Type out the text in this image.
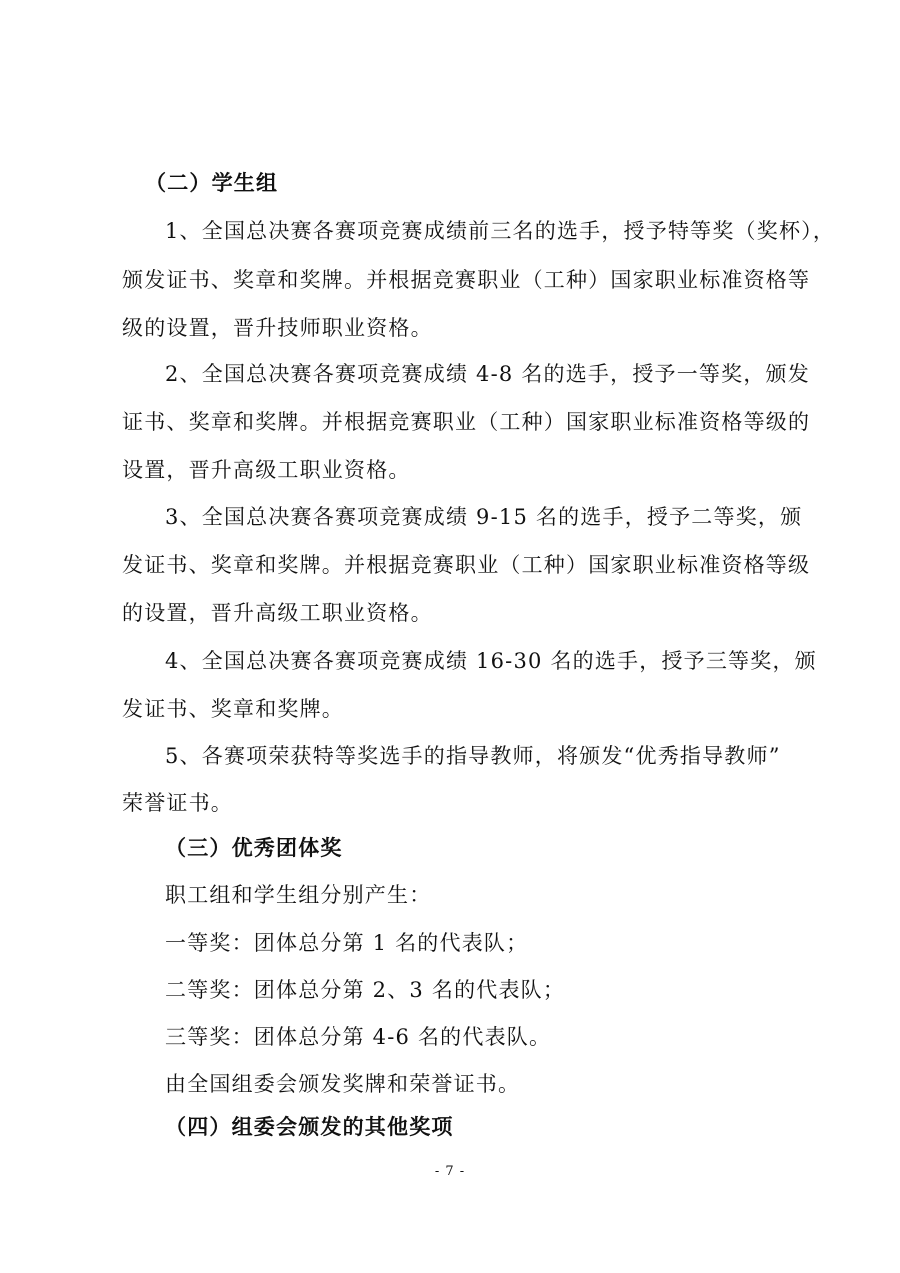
（二）学生组
1、全国总决赛各赛项竞赛成绩前三名的选手，授予特等奖（奖杯），
颁发证书、奖章和奖牌。并根据竞赛职业（工种）国家职业标准资格等
级的设置，晋升技师职业资格。
2、全国总决赛各赛项竞赛成绩 4-8 名的选手，授予一等奖，颁发
证书、奖章和奖牌。并根据竞赛职业（工种）国家职业标准资格等级的
设置，晋升高级工职业资格。
3、全国总决赛各赛项竞赛成绩 9-15 名的选手，授予二等奖，颁
发证书、奖章和奖牌。并根据竞赛职业（工种）国家职业标准资格等级
的设置，晋升高级工职业资格。
4、全国总决赛各赛项竞赛成绩 16-30 名的选手，授予三等奖，颁
发证书、奖章和奖牌。
5、各赛项荣获特等奖选手的指导教师，将颁发“优秀指导教师”
荣誉证书。
（三）优秀团体奖
职工组和学生组分别产生：
一等奖：团体总分第 1 名的代表队；
二等奖：团体总分第 2、3 名的代表队；
三等奖：团体总分第 4-6 名的代表队。
由全国组委会颁发奖牌和荣誉证书。
（四）组委会颁发的其他奖项
- 7 -
